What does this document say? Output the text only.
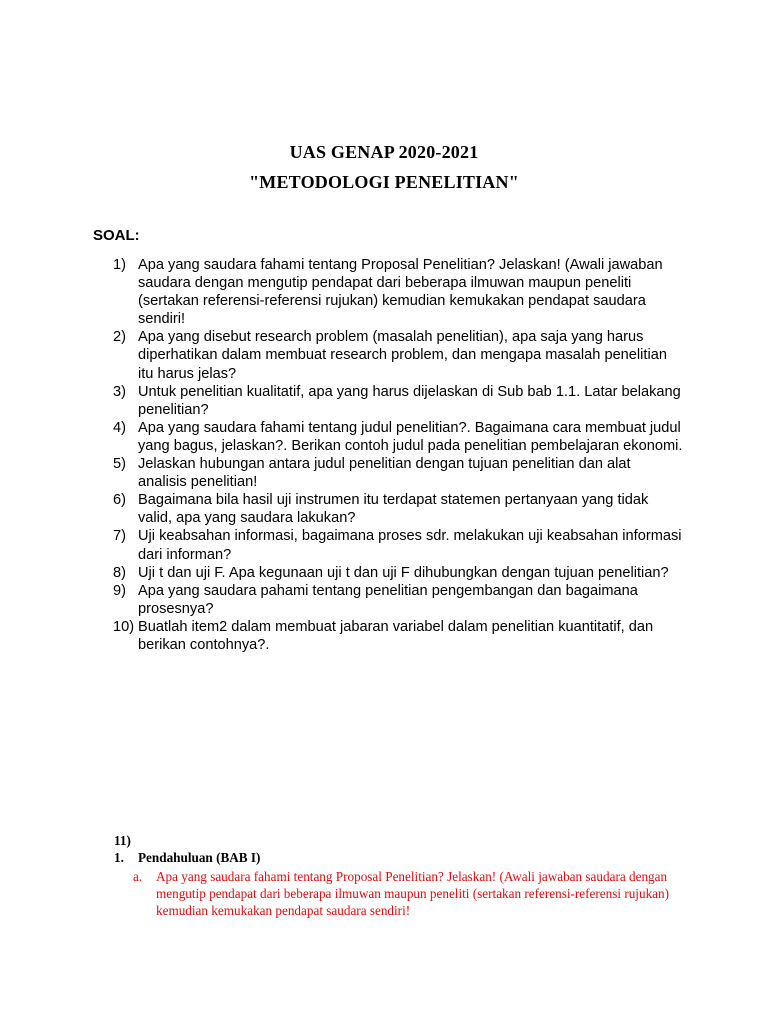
UAS GENAP 2020-2021
"METODOLOGI PENELITIAN"
SOAL:
1) Apa yang saudara fahami tentang Proposal Penelitian? Jelaskan! (Awali jawaban saudara dengan mengutip pendapat dari beberapa ilmuwan maupun peneliti (sertakan referensi-referensi rujukan) kemudian kemukakan pendapat saudara sendiri!
2) Apa yang disebut research problem (masalah penelitian), apa saja yang harus diperhatikan dalam membuat research problem, dan mengapa masalah penelitian itu harus jelas?
3) Untuk penelitian kualitatif, apa yang harus dijelaskan di Sub bab 1.1. Latar belakang penelitian?
4) Apa yang saudara fahami tentang judul penelitian?. Bagaimana cara membuat judul yang bagus, jelaskan?. Berikan contoh judul pada penelitian pembelajaran ekonomi.
5) Jelaskan hubungan antara judul penelitian dengan tujuan penelitian dan alat analisis penelitian!
6) Bagaimana bila hasil uji instrumen itu terdapat statemen pertanyaan yang tidak valid, apa yang saudara lakukan?
7) Uji keabsahan informasi, bagaimana proses sdr. melakukan uji keabsahan informasi dari informan?
8) Uji t dan uji F. Apa kegunaan uji t dan uji F dihubungkan dengan tujuan penelitian?
9) Apa yang saudara pahami tentang penelitian pengembangan dan bagaimana prosesnya?
10) Buatlah item2 dalam membuat jabaran variabel dalam penelitian kuantitatif, dan berikan contohnya?.
11)
1. Pendahuluan (BAB I)
a. Apa yang saudara fahami tentang Proposal Penelitian? Jelaskan! (Awali jawaban saudara dengan mengutip pendapat dari beberapa ilmuwan maupun peneliti (sertakan referensi-referensi rujukan) kemudian kemukakan pendapat saudara sendiri!
